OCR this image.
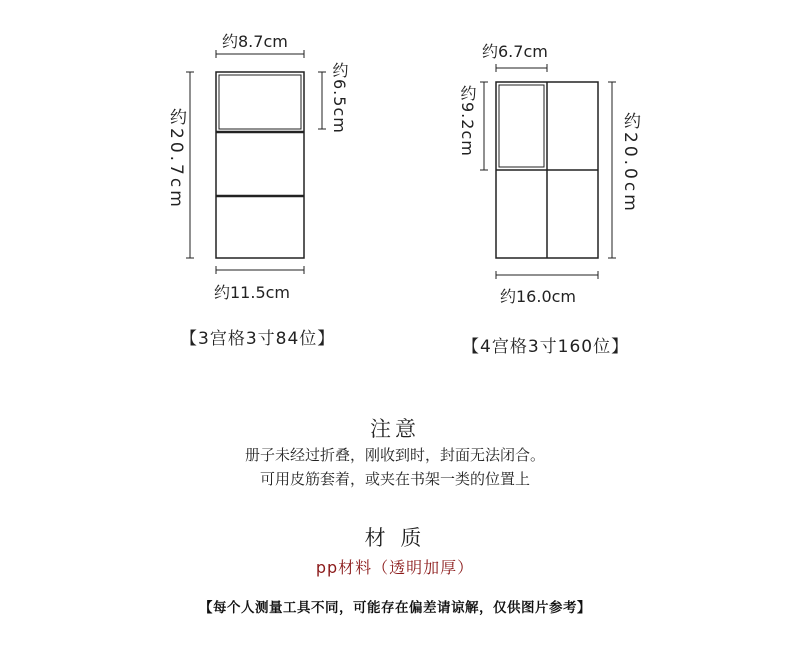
约8.7cm
约6.5cm
约20.7cm
约11.5cm
【3宫格3寸84位】
约6.7cm
约9.2cm	约20.0cm
约16.0cm
【4宫格3寸160位】
注意
册子未经过折叠，刚收到时，封面无法闭合。
可用皮筋套着，或夹在书架一类的位置上
材 质
pp材料（透明加厚）
【每个人测量工具不同，可能存在偏差请谅解，仅供图片参考】
